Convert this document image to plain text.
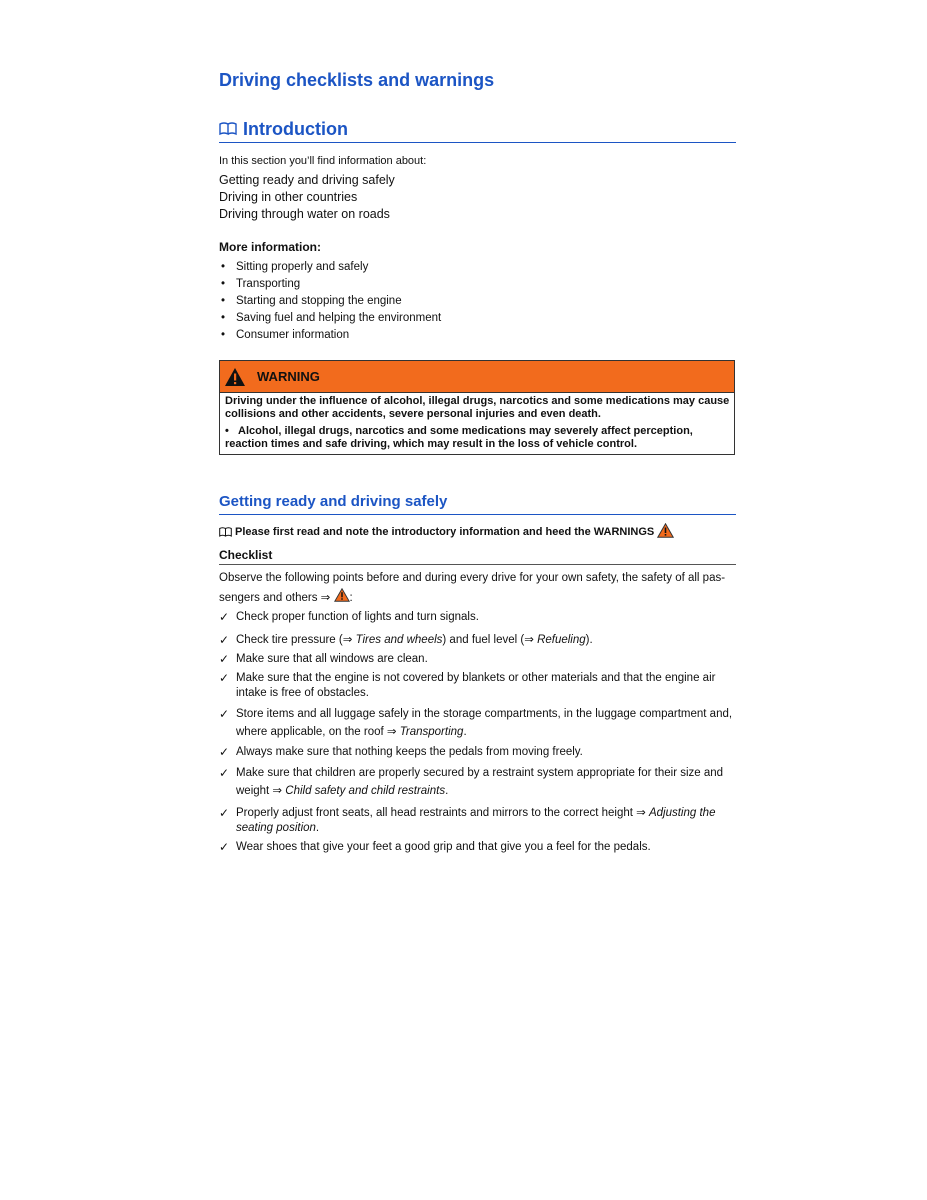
Driving checklists and warnings
Introduction
In this section you’ll find information about:
Getting ready and driving safely
Driving in other countries
Driving through water on roads
More information:
• Sitting properly and safely
• Transporting
• Starting and stopping the engine
• Saving fuel and helping the environment
• Consumer information
WARNING
Driving under the influence of alcohol, illegal drugs, narcotics and some medications may cause collisions and other accidents, severe personal injuries and even death.
• Alcohol, illegal drugs, narcotics and some medications may severely affect perception, reaction times and safe driving, which may result in the loss of vehicle control.
Getting ready and driving safely
Please first read and note the introductory information and heed the WARNINGS
Checklist
Observe the following points before and during every drive for your own safety, the safety of all pas-sengers and others ⇒ :
✓ Check proper function of lights and turn signals.
✓ Check tire pressure (⇒ Tires and wheels) and fuel level (⇒ Refueling).
✓ Make sure that all windows are clean.
✓ Make sure that the engine is not covered by blankets or other materials and that the engine air intake is free of obstacles.
✓ Store items and all luggage safely in the storage compartments, in the luggage compartment and, where applicable, on the roof ⇒ Transporting.
✓ Always make sure that nothing keeps the pedals from moving freely.
✓ Make sure that children are properly secured by a restraint system appropriate for their size and weight ⇒ Child safety and child restraints.
✓ Properly adjust front seats, all head restraints and mirrors to the correct height ⇒ Adjusting the seating position.
✓ Wear shoes that give your feet a good grip and that give you a feel for the pedals.
